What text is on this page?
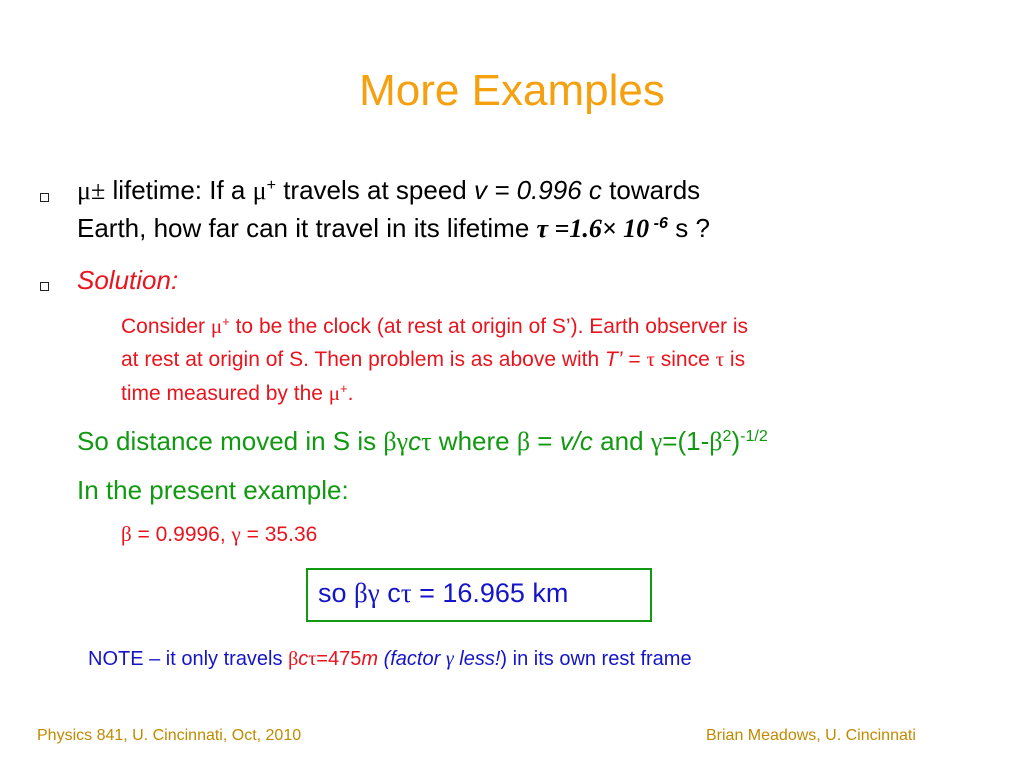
More Examples
μ± lifetime: If a μ+ travels at speed v = 0.996 c towards
Earth, how far can it travel in its lifetime τ =1.6× 10 $^{-6}$ s ?
Solution:
Consider μ+ to be the clock (at rest at origin of S’). Earth observer is
at rest at origin of S. Then problem is as above with T’ = τ since τ is
time measured by the μ+.
So distance moved in S is βγcτ where β = v/c and $\gamma=(1-\beta^2)^{-1/2}$
In the present example:
β = 0.9996, γ = 35.36
so βγ cτ = 16.965 km
NOTE – it only travels βcτ=475m (factor γ less!) in its own rest frame
Physics 841, U. Cincinnati, Oct, 2010	Brian Meadows, U. Cincinnati
